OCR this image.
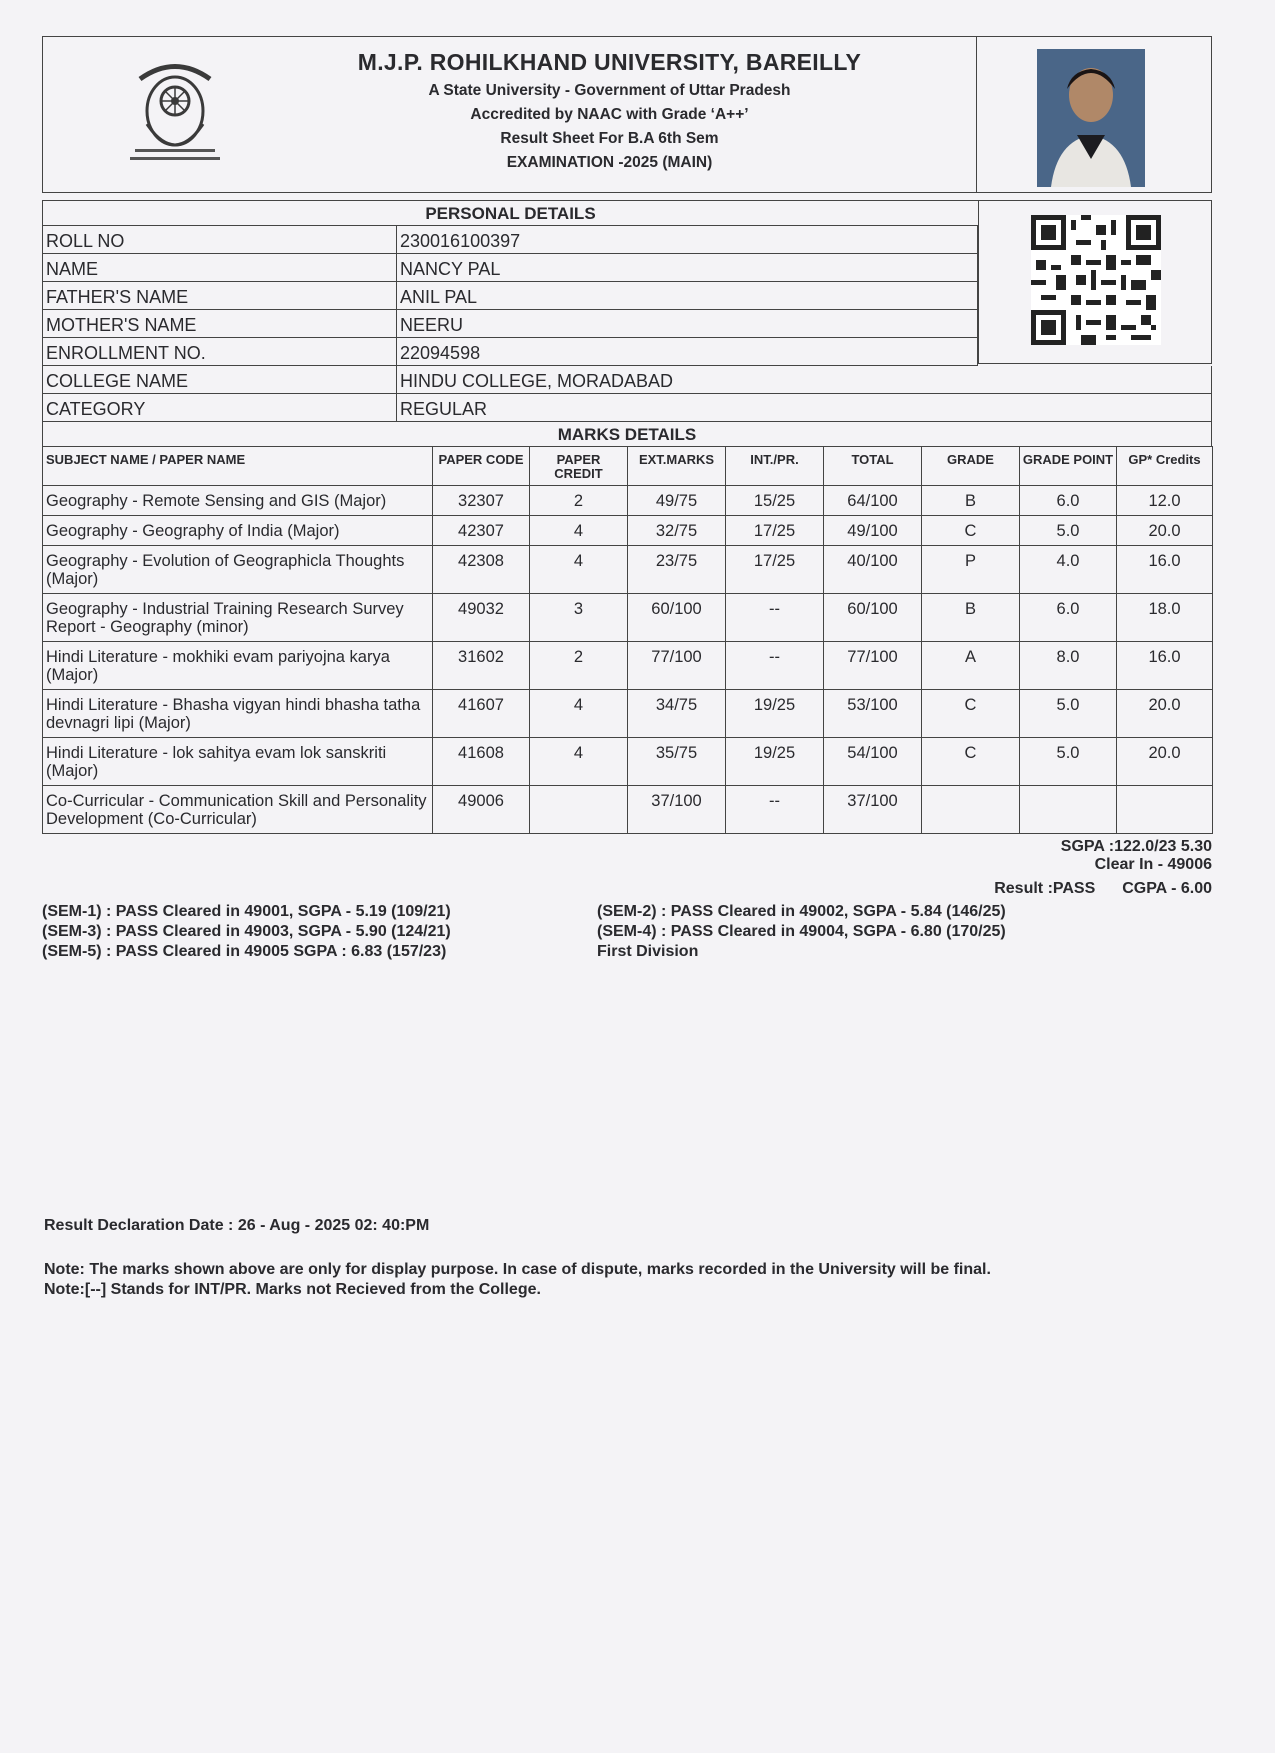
M.J.P. ROHILKHAND UNIVERSITY, BAREILLY
A State University - Government of Uttar Pradesh
Accredited by NAAC with Grade ‘A++’
Result Sheet For B.A 6th Sem
EXAMINATION -2025 (MAIN)
PERSONAL DETAILS
ROLL NO	230016100397
NAME	NANCY PAL
FATHER'S NAME	ANIL PAL
MOTHER'S NAME	NEERU
ENROLLMENT NO.	22094598
COLLEGE NAME	HINDU COLLEGE, MORADABAD
CATEGORY	REGULAR
MARKS DETAILS
SUBJECT NAME / PAPER NAME	PAPER CODE	PAPER CREDIT	EXT.MARKS	INT./PR.	TOTAL	GRADE	GRADE POINT	GP* Credits
Geography - Remote Sensing and GIS (Major)	32307	2	49/75	15/25	64/100	B	6.0	12.0
Geography - Geography of India (Major)	42307	4	32/75	17/25	49/100	C	5.0	20.0
Geography - Evolution of Geographicla Thoughts (Major)	42308	4	23/75	17/25	40/100	P	4.0	16.0
Geography - Industrial Training Research Survey Report - Geography (minor)	49032	3	60/100	--	60/100	B	6.0	18.0
Hindi Literature - mokhiki evam pariyojna karya (Major)	31602	2	77/100	--	77/100	A	8.0	16.0
Hindi Literature - Bhasha vigyan hindi bhasha tatha devnagri lipi (Major)	41607	4	34/75	19/25	53/100	C	5.0	20.0
Hindi Literature - lok sahitya evam lok sanskriti (Major)	41608	4	35/75	19/25	54/100	C	5.0	20.0
Co-Curricular - Communication Skill and Personality Development (Co-Curricular)	49006		37/100	--	37/100			
SGPA :122.0/23 5.30
Clear In - 49006
Result :PASS CGPA - 6.00
(SEM-1) : PASS Cleared in 49001, SGPA - 5.19 (109/21)
(SEM-3) : PASS Cleared in 49003, SGPA - 5.90 (124/21)
(SEM-5) : PASS Cleared in 49005 SGPA : 6.83 (157/23)
(SEM-2) : PASS Cleared in 49002, SGPA - 5.84 (146/25)
(SEM-4) : PASS Cleared in 49004, SGPA - 6.80 (170/25)
First Division
Result Declaration Date : 26 - Aug - 2025 02: 40:PM
Note: The marks shown above are only for display purpose. In case of dispute, marks recorded in the University will be final.
Note:[--] Stands for INT/PR. Marks not Recieved from the College.
